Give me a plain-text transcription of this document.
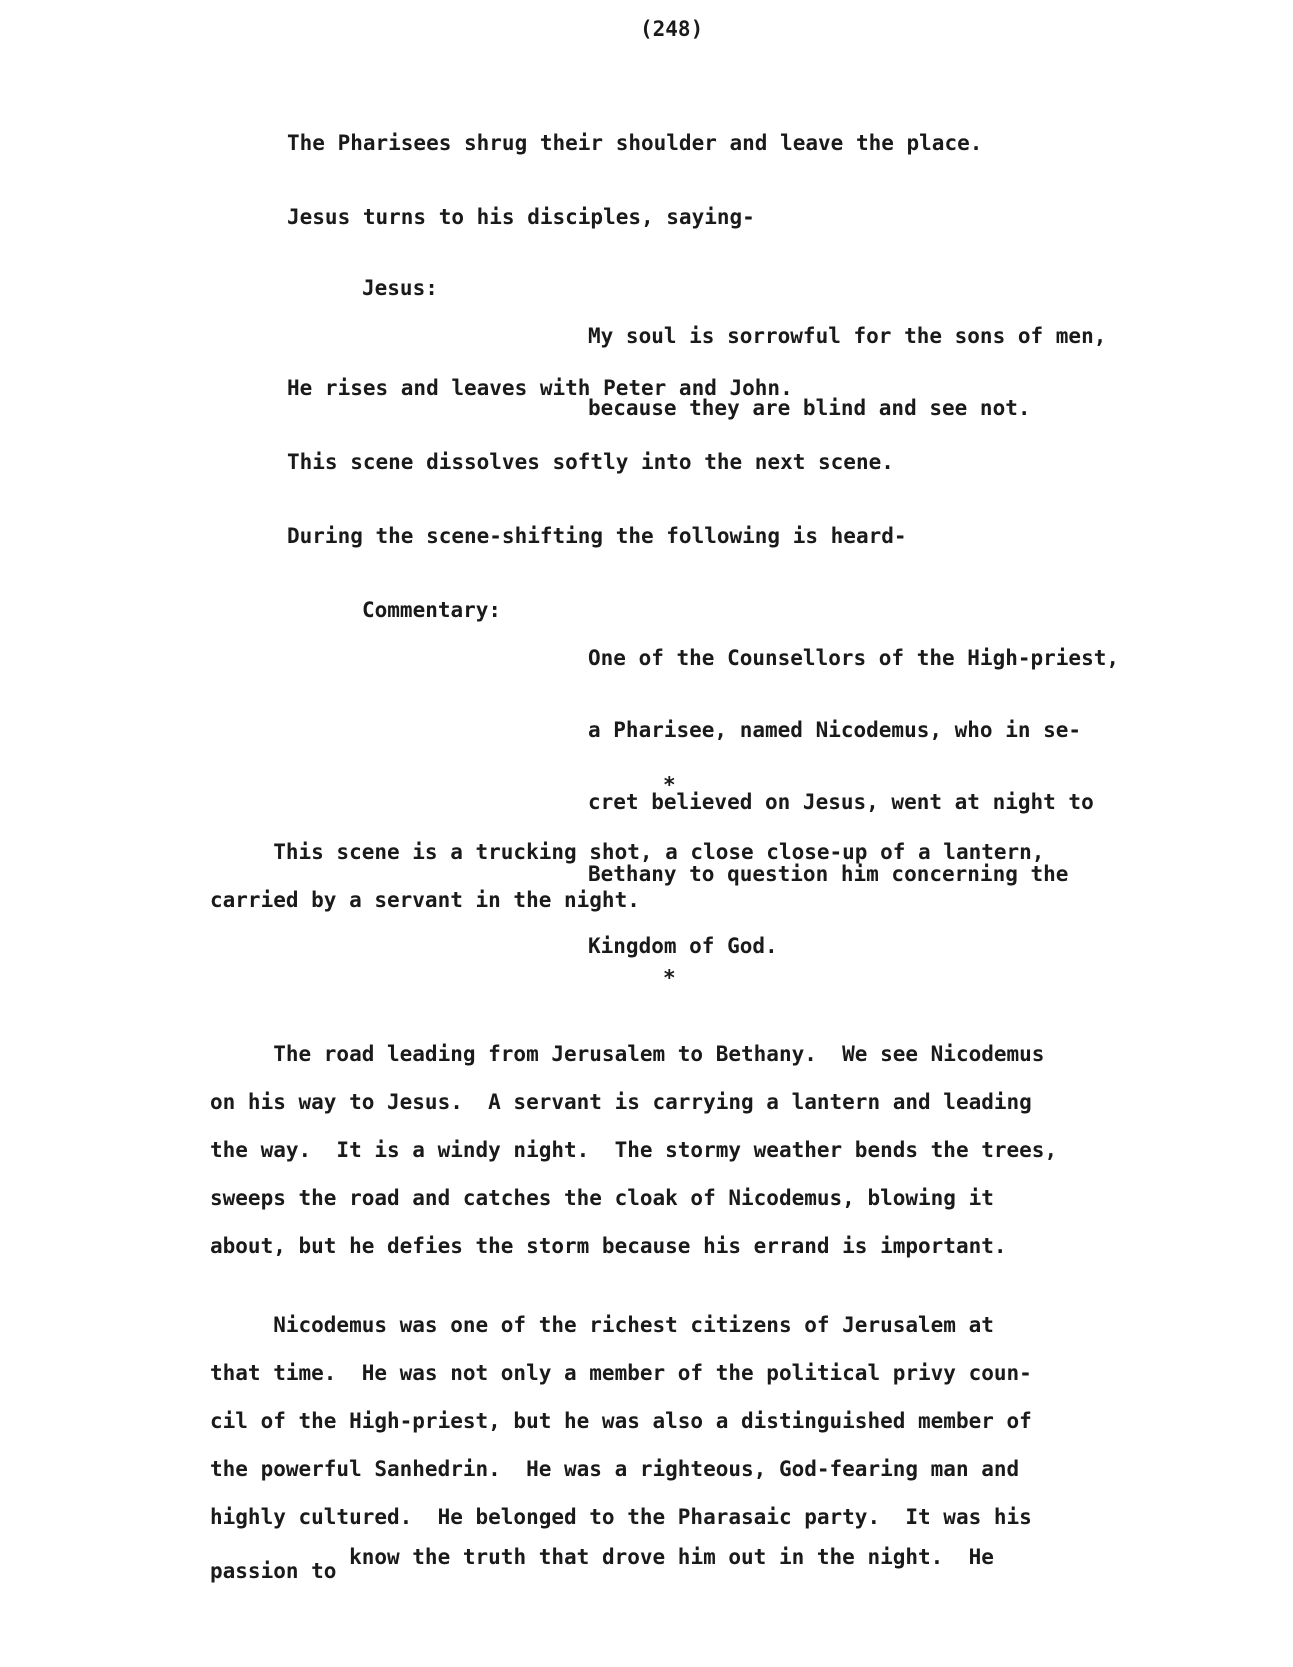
(248)
The Pharisees shrug their shoulder and leave the place.
Jesus turns to his disciples, saying-
Jesus:

My soul is sorrowful for the sons of men,

because they are blind and see not.

He rises and leaves with Peter and John.
This scene dissolves softly into the next scene.
During the scene-shifting the following is heard-
Commentary:

One of the Counsellors of the High-priest,

a Pharisee, named Nicodemus, who in se-

cret believed on Jesus, went at night to

Bethany to question him concerning the

Kingdom of God.

*
This scene is a trucking shot, a close close-up of a lantern,
carried by a servant in the night.
*
The road leading from Jerusalem to Bethany.  We see Nicodemus
on his way to Jesus.  A servant is carrying a lantern and leading
the way.  It is a windy night.  The stormy weather bends the trees,
sweeps the road and catches the cloak of Nicodemus, blowing it
about, but he defies the storm because his errand is important.
Nicodemus was one of the richest citizens of Jerusalem at
that time.  He was not only a member of the political privy coun-
cil of the High-priest, but he was also a distinguished member of
the powerful Sanhedrin.  He was a righteous, God-fearing man and
highly cultured.  He belonged to the Pharasaic party.  It was his
passion to know the truth that drove him out in the night.  He
